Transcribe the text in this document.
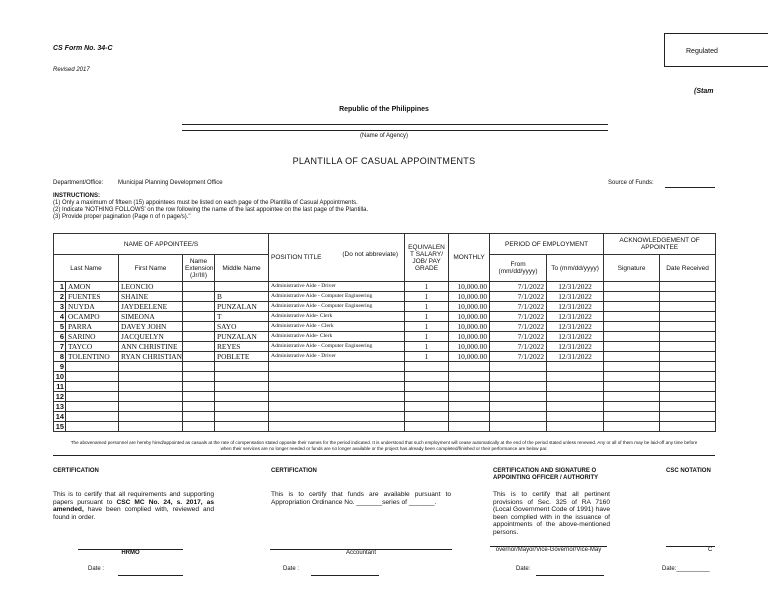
CS Form No. 34-C
Revised 2017
Regulated
(Stam
Republic of the Philippines
(Name of Agency)
PLANTILLA OF CASUAL APPOINTMENTS
Department/Office: Municipal Planning Development Office	Source of Funds:
INSTRUCTIONS:
(1) Only a maximum of fifteen (15) appointees must be listed on each page of the Plantilla of Casual Appointments.
(2) Indicate 'NOTHING FOLLOWS' on the row following the name of the last appointee on the last page of the Plantilla.
(3) Provide proper pagination (Page n of n page/s)."
NAME OF APPOINTEE/S					POSITION TITLE (Do not abbreviate)	EQUIVALEN T SALARY/ JOB/ PAY GRADE	MONTHLY	PERIOD OF EMPLOYMENT		ACKNOWLEDGEMENT OF APPOINTEE	
Last Name		First Name	Name Extension (Jr/III)	Middle Name				From (mm/dd/yyyy)	To (mm/dd/yyyy)	Signature	Date Received
1	AMON	LEONCIO			Administrative Aide - Driver	1	10,000.00	7/1/2022	12/31/2022		
2	FUENTES	SHAINE		B	Administrative Aide - Computer Engineering	1	10,000.00	7/1/2022	12/31/2022		
3	NUYDA	JAYDEELENE		PUNZALAN	Administrative Aide - Computer Engineering	1	10,000.00	7/1/2022	12/31/2022		
4	OCAMPO	SIMEONA		T	Administrative Aide- Clerk	1	10,000.00	7/1/2022	12/31/2022		
5	PARRA	DAVEY JOHN		SAYO	Administrative Aide - Clerk	1	10,000.00	7/1/2022	12/31/2022		
6	SARINO	JACQUELYN		PUNZALAN	Administrative Aide- Clerk	1	10,000.00	7/1/2022	12/31/2022		
7	TAYCO	ANN CHRISTINE		REYES	Administrative Aide - Computer Engineering	1	10,000.00	7/1/2022	12/31/2022		
8	TOLENTINO	RYAN CHRISTIAN		POBLETE	Administrative Aide - Driver	1	10,000.00	7/1/2022	12/31/2022		
9											
10											
11											
12											
13											
14											
15											
The abovenamed personnel are hereby hired/appointed as casuals at the rate of compensation stated opposite their names for the period indicated. It is understood that such employment will cease automatically at the end of the period stated unless renewed. Any or all of them may be laid-off any time before
when their services are no longer needed or funds are no longer available or the project has already been completed/finished or their performance are below par.
CERTIFICATION
This is to certify that all requirements and supporting papers pursuant to CSC MC No. 24, s. 2017, as amended, have been complied with, reviewed and found in order.
HRMO
Date :
CERTIFICATION
This is to certify that funds are available pursuant to Appropriation Ordinance No. _______series of _______.
Accountant
Date :
CERTIFICATION AND SIGNATURE O APPOINTING OFFICER / AUTHORITY
This is to certify that all pertinent provisions of Sec. 325 of RA 7160 (Local Government Code of 1991) have been complied with in the issuance of appointments of the above-mentioned persons.
overnor/Mayor/Vice-Governor/Vice-May
Date:
CSC NOTATION
C
Date:__________
